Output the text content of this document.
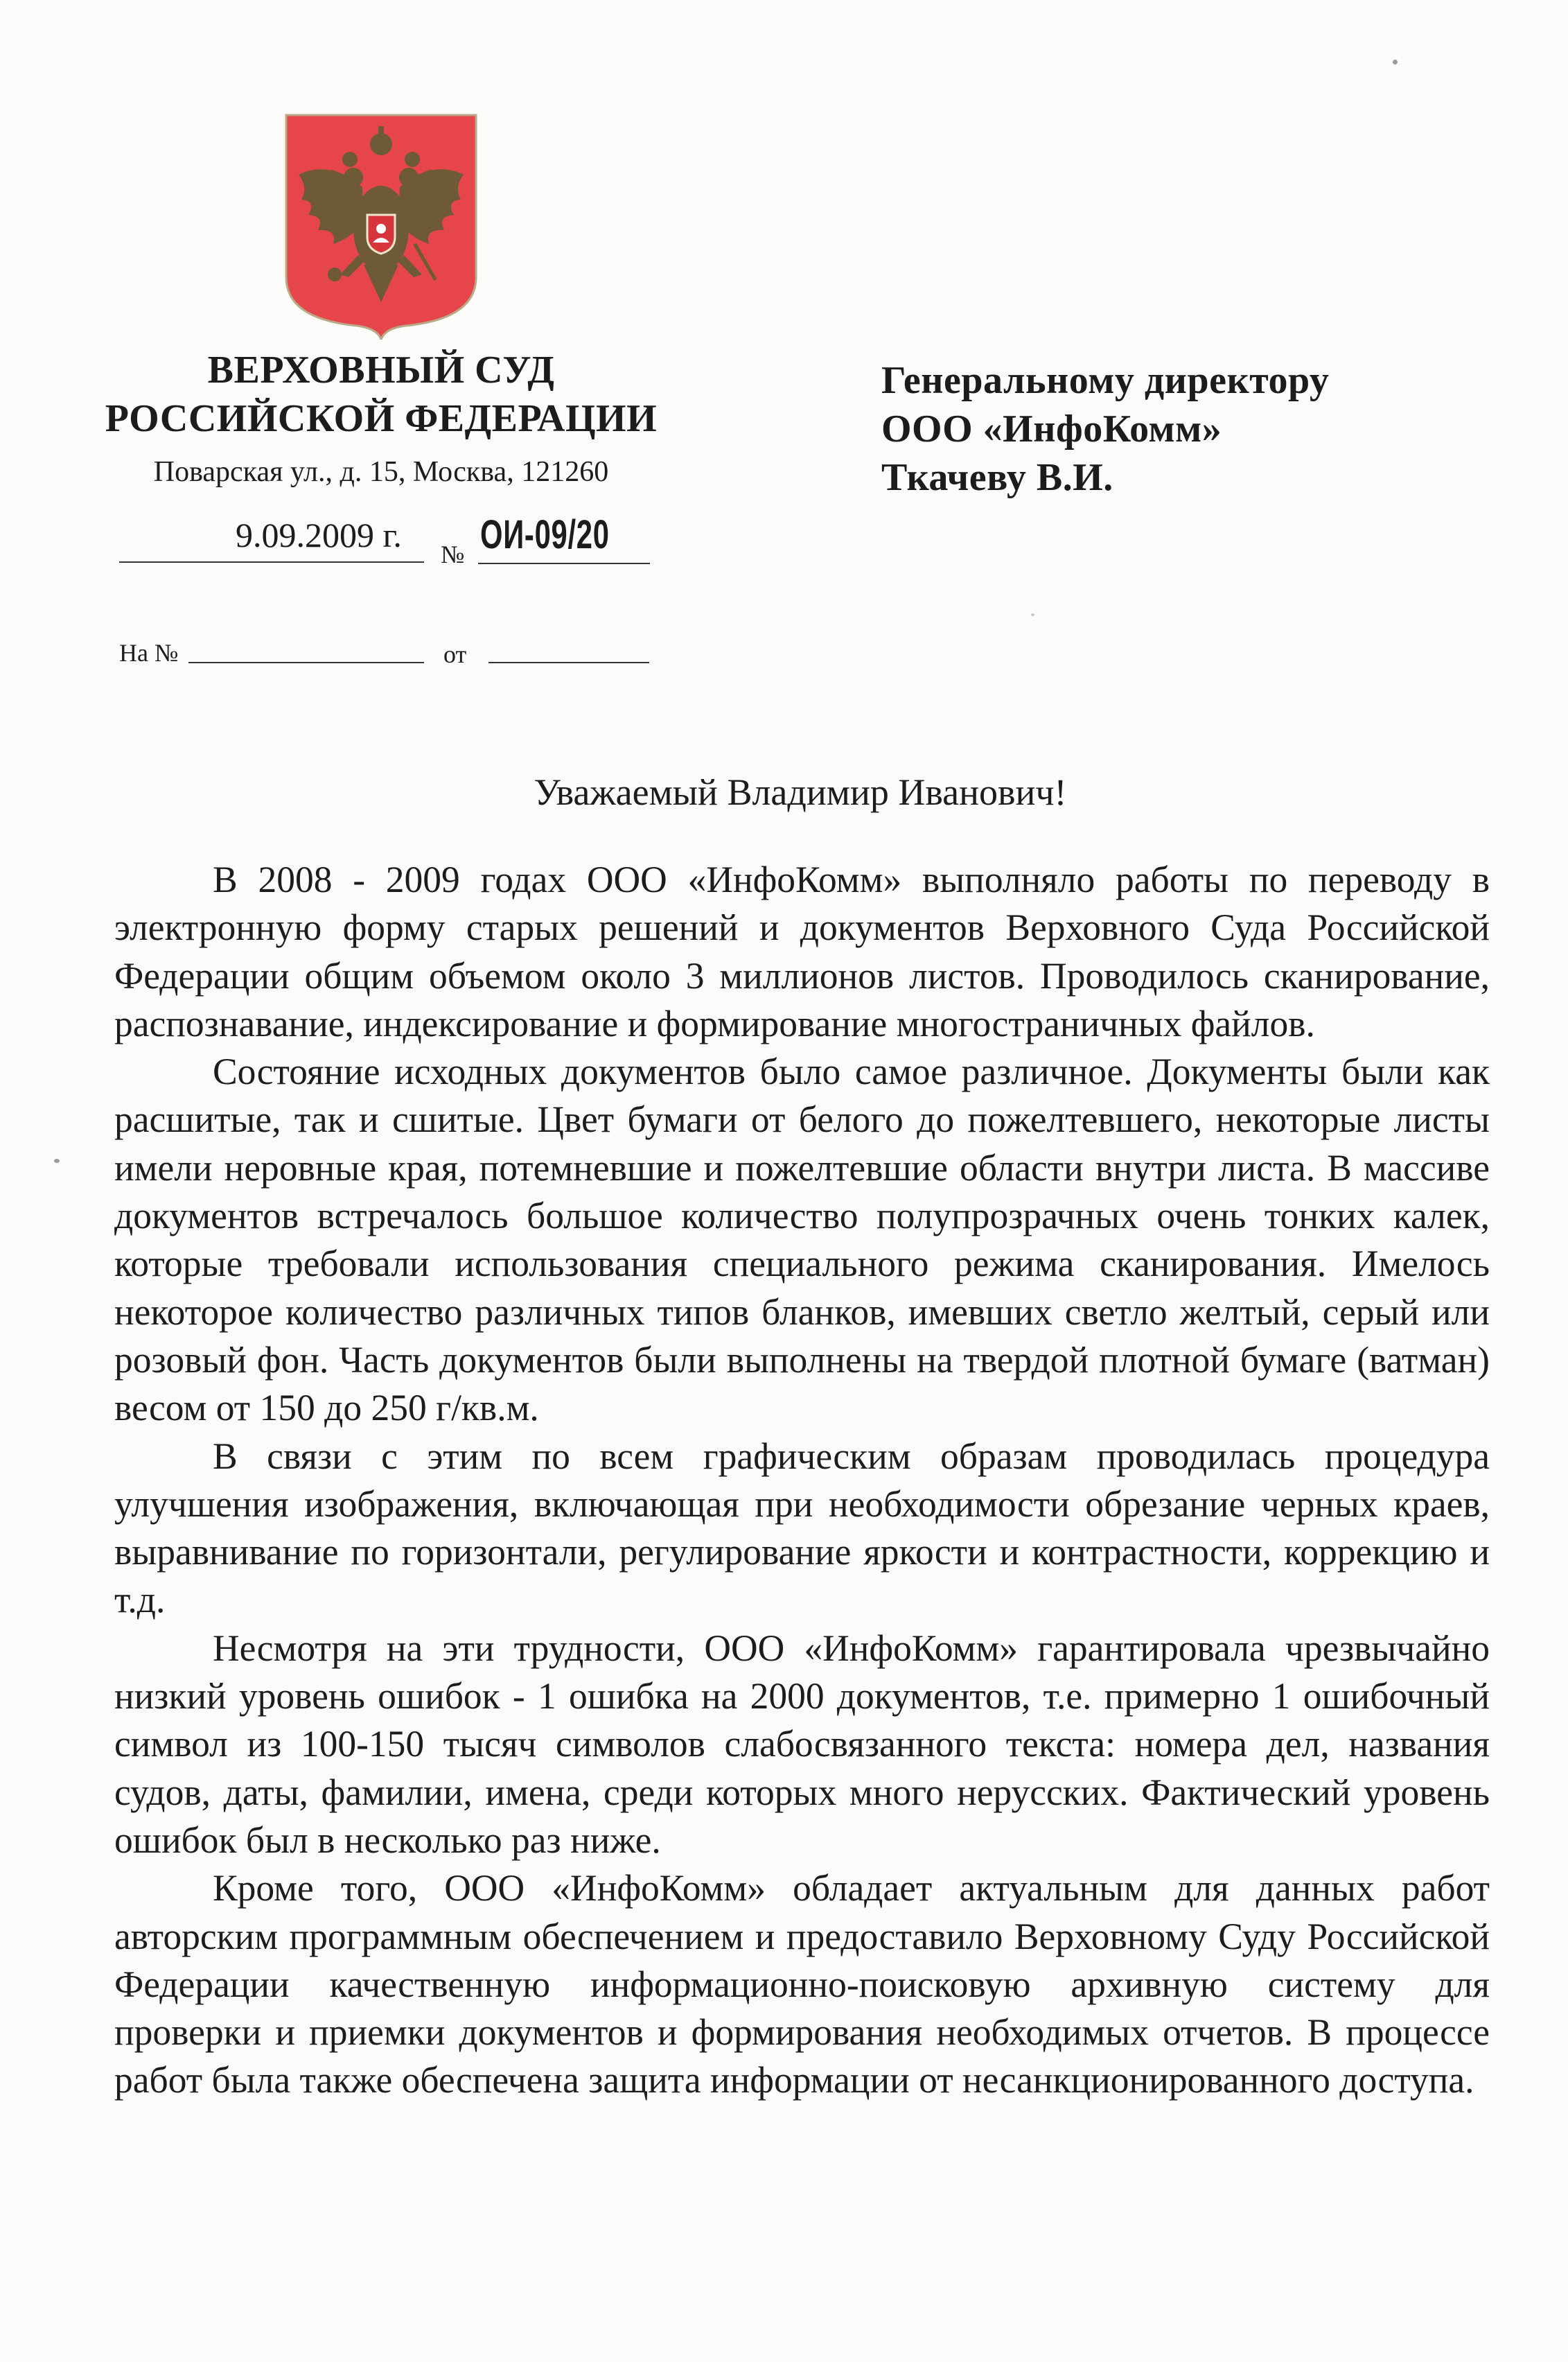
ВЕРХОВНЫЙ СУД
РОССИЙСКОЙ ФЕДЕРАЦИИ
Поварская ул., д. 15, Москва, 121260
9.09.2009 г. № ОИ-09/20
На №	от
Генеральному директору
ООО «ИнфоКомм»
Ткачеву В.И.
Уважаемый Владимир Иванович!

В 2008 - 2009 годах ООО «ИнфоКомм» выполняло работы по переводу в электронную форму старых решений и документов Верховного Суда Российской Федерации общим объемом около 3 миллионов листов. Проводилось сканирование, распознавание, индексирование и формирование многостраничных файлов.

Состояние исходных документов было самое различное. Документы были как расшитые, так и сшитые. Цвет бумаги от белого до пожелтевшего, некоторые листы имели неровные края, потемневшие и пожелтевшие области внутри листа. В массиве документов встречалось большое количество полупрозрачных очень тонких калек, которые требовали использования специального режима сканирования. Имелось некоторое количество различных типов бланков, имевших светло желтый, серый или розовый фон. Часть документов были выполнены на твердой плотной бумаге (ватман) весом от 150 до 250 г/кв.м.

В связи с этим по всем графическим образам проводилась процедура улучшения изображения, включающая при необходимости обрезание черных краев, выравнивание по горизонтали, регулирование яркости и контрастности, коррекцию и т.д.

Несмотря на эти трудности, ООО «ИнфоКомм» гарантировала чрезвычайно низкий уровень ошибок - 1 ошибка на 2000 документов, т.е. примерно 1 ошибочный символ из 100-150 тысяч символов слабосвязанного текста: номера дел, названия судов, даты, фамилии, имена, среди которых много нерусских. Фактический уровень ошибок был в несколько раз ниже.

Кроме того, ООО «ИнфоКомм» обладает актуальным для данных работ авторским программным обеспечением и предоставило Верховному Суду Российской Федерации качественную информационно-поисковую архивную систему для проверки и приемки документов и формирования необходимых отчетов. В процессе работ была также обеспечена защита информации от несанкционированного доступа.
